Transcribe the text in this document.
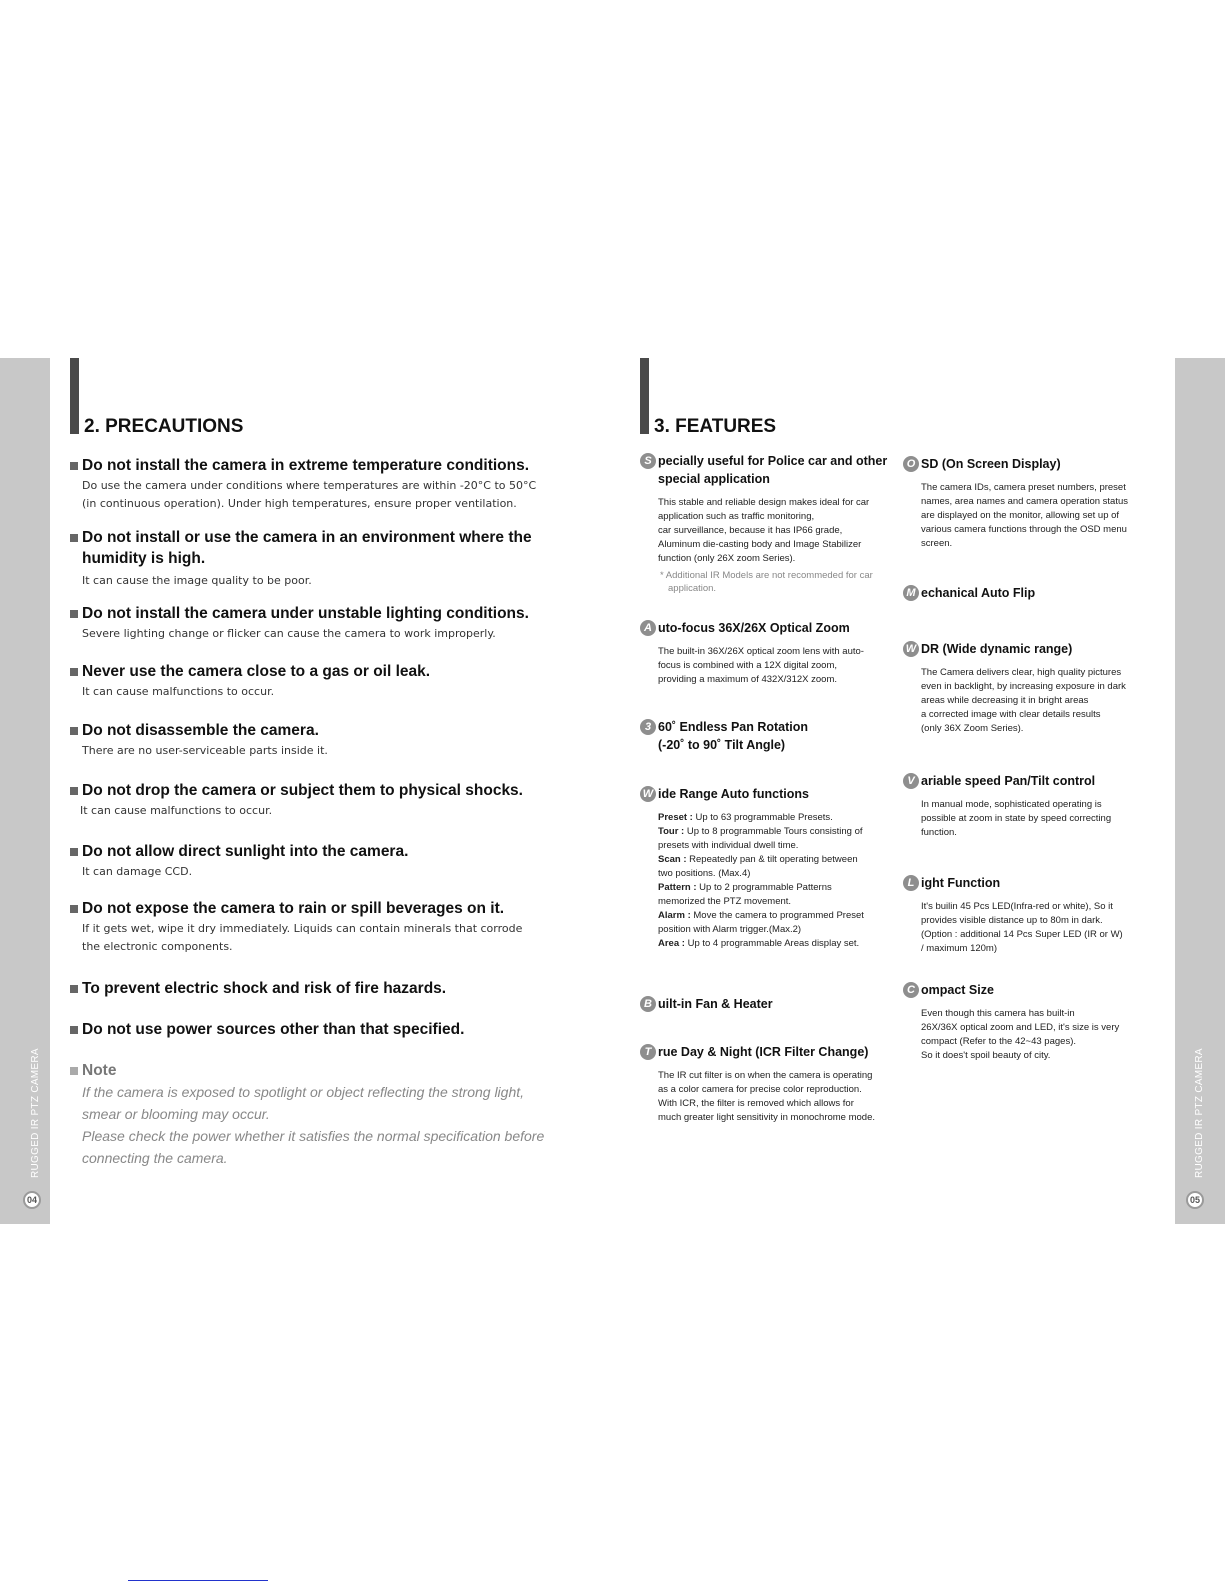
RUGGED IR PTZ CAMERA
04
RUGGED IR PTZ CAMERA
05
2. PRECAUTIONS
Do not install the camera in extreme temperature conditions.
Do use the camera under conditions where temperatures are within -20°C to 50°C
(in continuous operation). Under high temperatures, ensure proper ventilation.
Do not install or use the camera in an environment where the
humidity is high.
It can cause the image quality to be poor.
Do not install the camera under unstable lighting conditions.
Severe lighting change or flicker can cause the camera to work improperly.
Never use the camera close to a gas or oil leak.
It can cause malfunctions to occur.
Do not disassemble the camera.
There are no user-serviceable parts inside it.
Do not drop the camera or subject them to physical shocks.
It can cause malfunctions to occur.
Do not allow direct sunlight into the camera.
It can damage CCD.
Do not expose the camera to rain or spill beverages on it.
If it gets wet, wipe it dry immediately. Liquids can contain minerals that corrode
the electronic components.
To prevent electric shock and risk of fire hazards.
Do not use power sources other than that specified.
Note
If the camera is exposed to spotlight or object reflecting the strong light,
smear or blooming may occur.
Please check the power whether it satisfies the normal specification before
connecting the camera.
3. FEATURES
S pecially useful for Police car and other
special application
This stable and reliable design makes ideal for car
application such as traffic monitoring,
car surveillance, because it has IP66 grade,
Aluminum die-casting body and Image Stabilizer
function (only 26X zoom Series).
* Additional IR Models are not recommeded for car application.
A uto-focus 36X/26X Optical Zoom
The built-in 36X/26X optical zoom lens with auto-
focus is combined with a 12X digital zoom,
providing a maximum of 432X/312X zoom.
3 60˚ Endless Pan Rotation
(-20˚ to 90˚ Tilt Angle)
W ide Range Auto functions
Preset : Up to 63 programmable Presets.
Tour : Up to 8 programmable Tours consisting of
presets with individual dwell time.
Scan : Repeatedly pan & tilt operating between
two positions. (Max.4)
Pattern : Up to 2 programmable Patterns
memorized the PTZ movement.
Alarm : Move the camera to programmed Preset
position with Alarm trigger.(Max.2)
Area : Up to 4 programmable Areas display set.
B uilt-in Fan & Heater
T rue Day & Night (ICR Filter Change)
The IR cut filter is on when the camera is operating
as a color camera for precise color reproduction.
With ICR, the filter is removed which allows for
much greater light sensitivity in monochrome mode.
O SD (On Screen Display)
The camera IDs, camera preset numbers, preset
names, area names and camera operation status
are displayed on the monitor, allowing set up of
various camera functions through the OSD menu
screen.
M echanical Auto Flip
W DR (Wide dynamic range)
The Camera delivers clear, high quality pictures
even in backlight, by increasing exposure in dark
areas while decreasing it in bright areas
a corrected image with clear details results
(only 36X Zoom Series).
V ariable speed Pan/Tilt control
In manual mode, sophisticated operating is
possible at zoom in state by speed correcting
function.
L ight Function
It's builin 45 Pcs LED(Infra-red or white), So it
provides visible distance up to 80m in dark.
(Option : additional 14 Pcs Super LED (IR or W)
/ maximum 120m)
C ompact Size
Even though this camera has built-in
26X/36X optical zoom and LED, it's size is very
compact (Refer to the 42~43 pages).
So it does't spoil beauty of city.
